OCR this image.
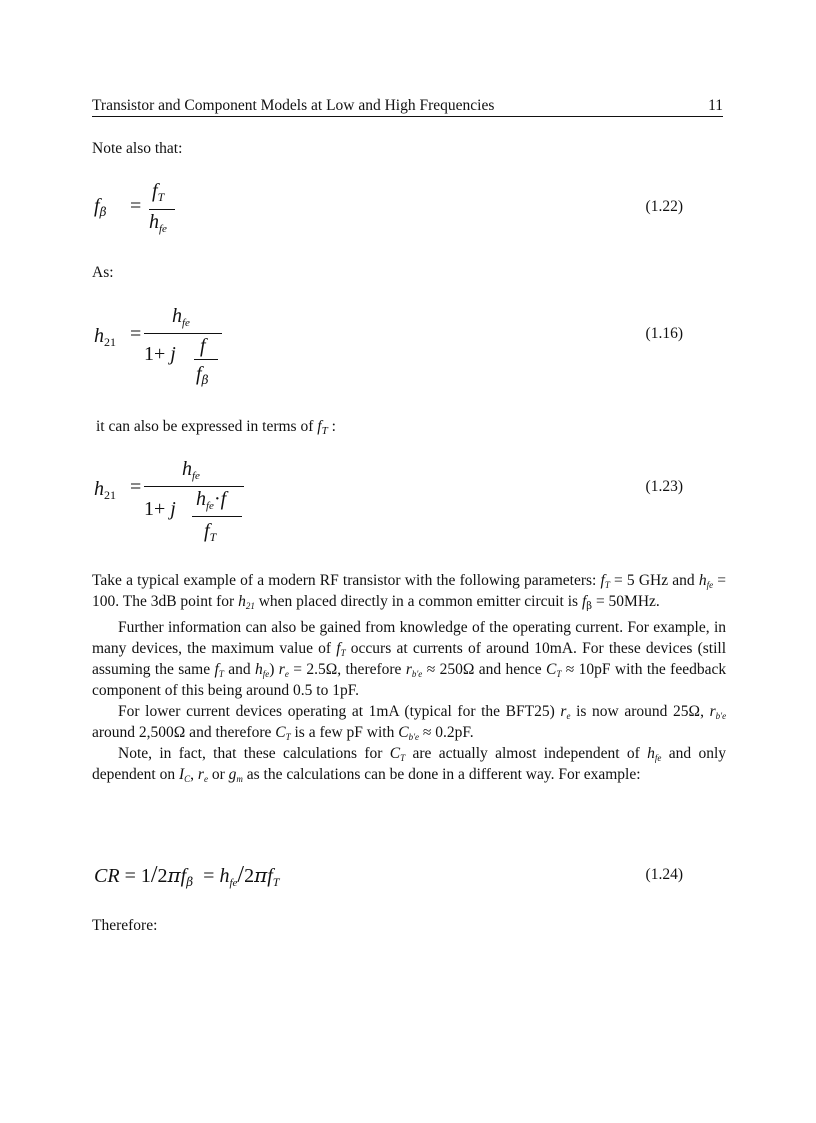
Transistor and Component Models at Low and High Frequencies	11
Note also that:
$f_\beta$ =
$f_T$
$h_{fe}$
(1.22)
As:
$h_{21}$ =
$h_{fe}$
1+ j f
$f_\beta$
(1.16)
it can also be expressed in terms of fT :
$h_{21}$ =
$h_{fe}$
1+ j $h_{fe}\cdot f$
$f_T$
(1.23)
Take a typical example of a modern RF transistor with the following parameters: $f_T = 5$ GHz and hfe = 100. The 3dB point for $h_{21}$ when placed directly in a common emitter circuit is fβ = 50MHz.
Further information can also be gained from knowledge of the operating current. For example, in many devices, the maximum value of $f_T$ occurs at currents of around 10mA. For these devices (still assuming the same $f_T$ and hfe) $r_e = 2.5\Omega$, therefore rb'e ≈ 250Ω and hence $C_T \approx 10pF$ with the feedback component of this being around 0.5 to 1pF.
For lower current devices operating at 1mA (typical for the BFT25) $r_e$ is now around 25Ω, rb'e around 2,500Ω and therefore $C_T$ is a few pF with Cb'e ≈ 0.2pF.
Note, in fact, that these calculations for $C_T$ are actually almost independent of hfe and only dependent on $I_C$, $r_e$ or $g_m$ as the calculations can be done in a different way. For example:
CR = $1/2\pi f_\beta = h_{fe}/2\pi f_T$	(1.24)
Therefore:
